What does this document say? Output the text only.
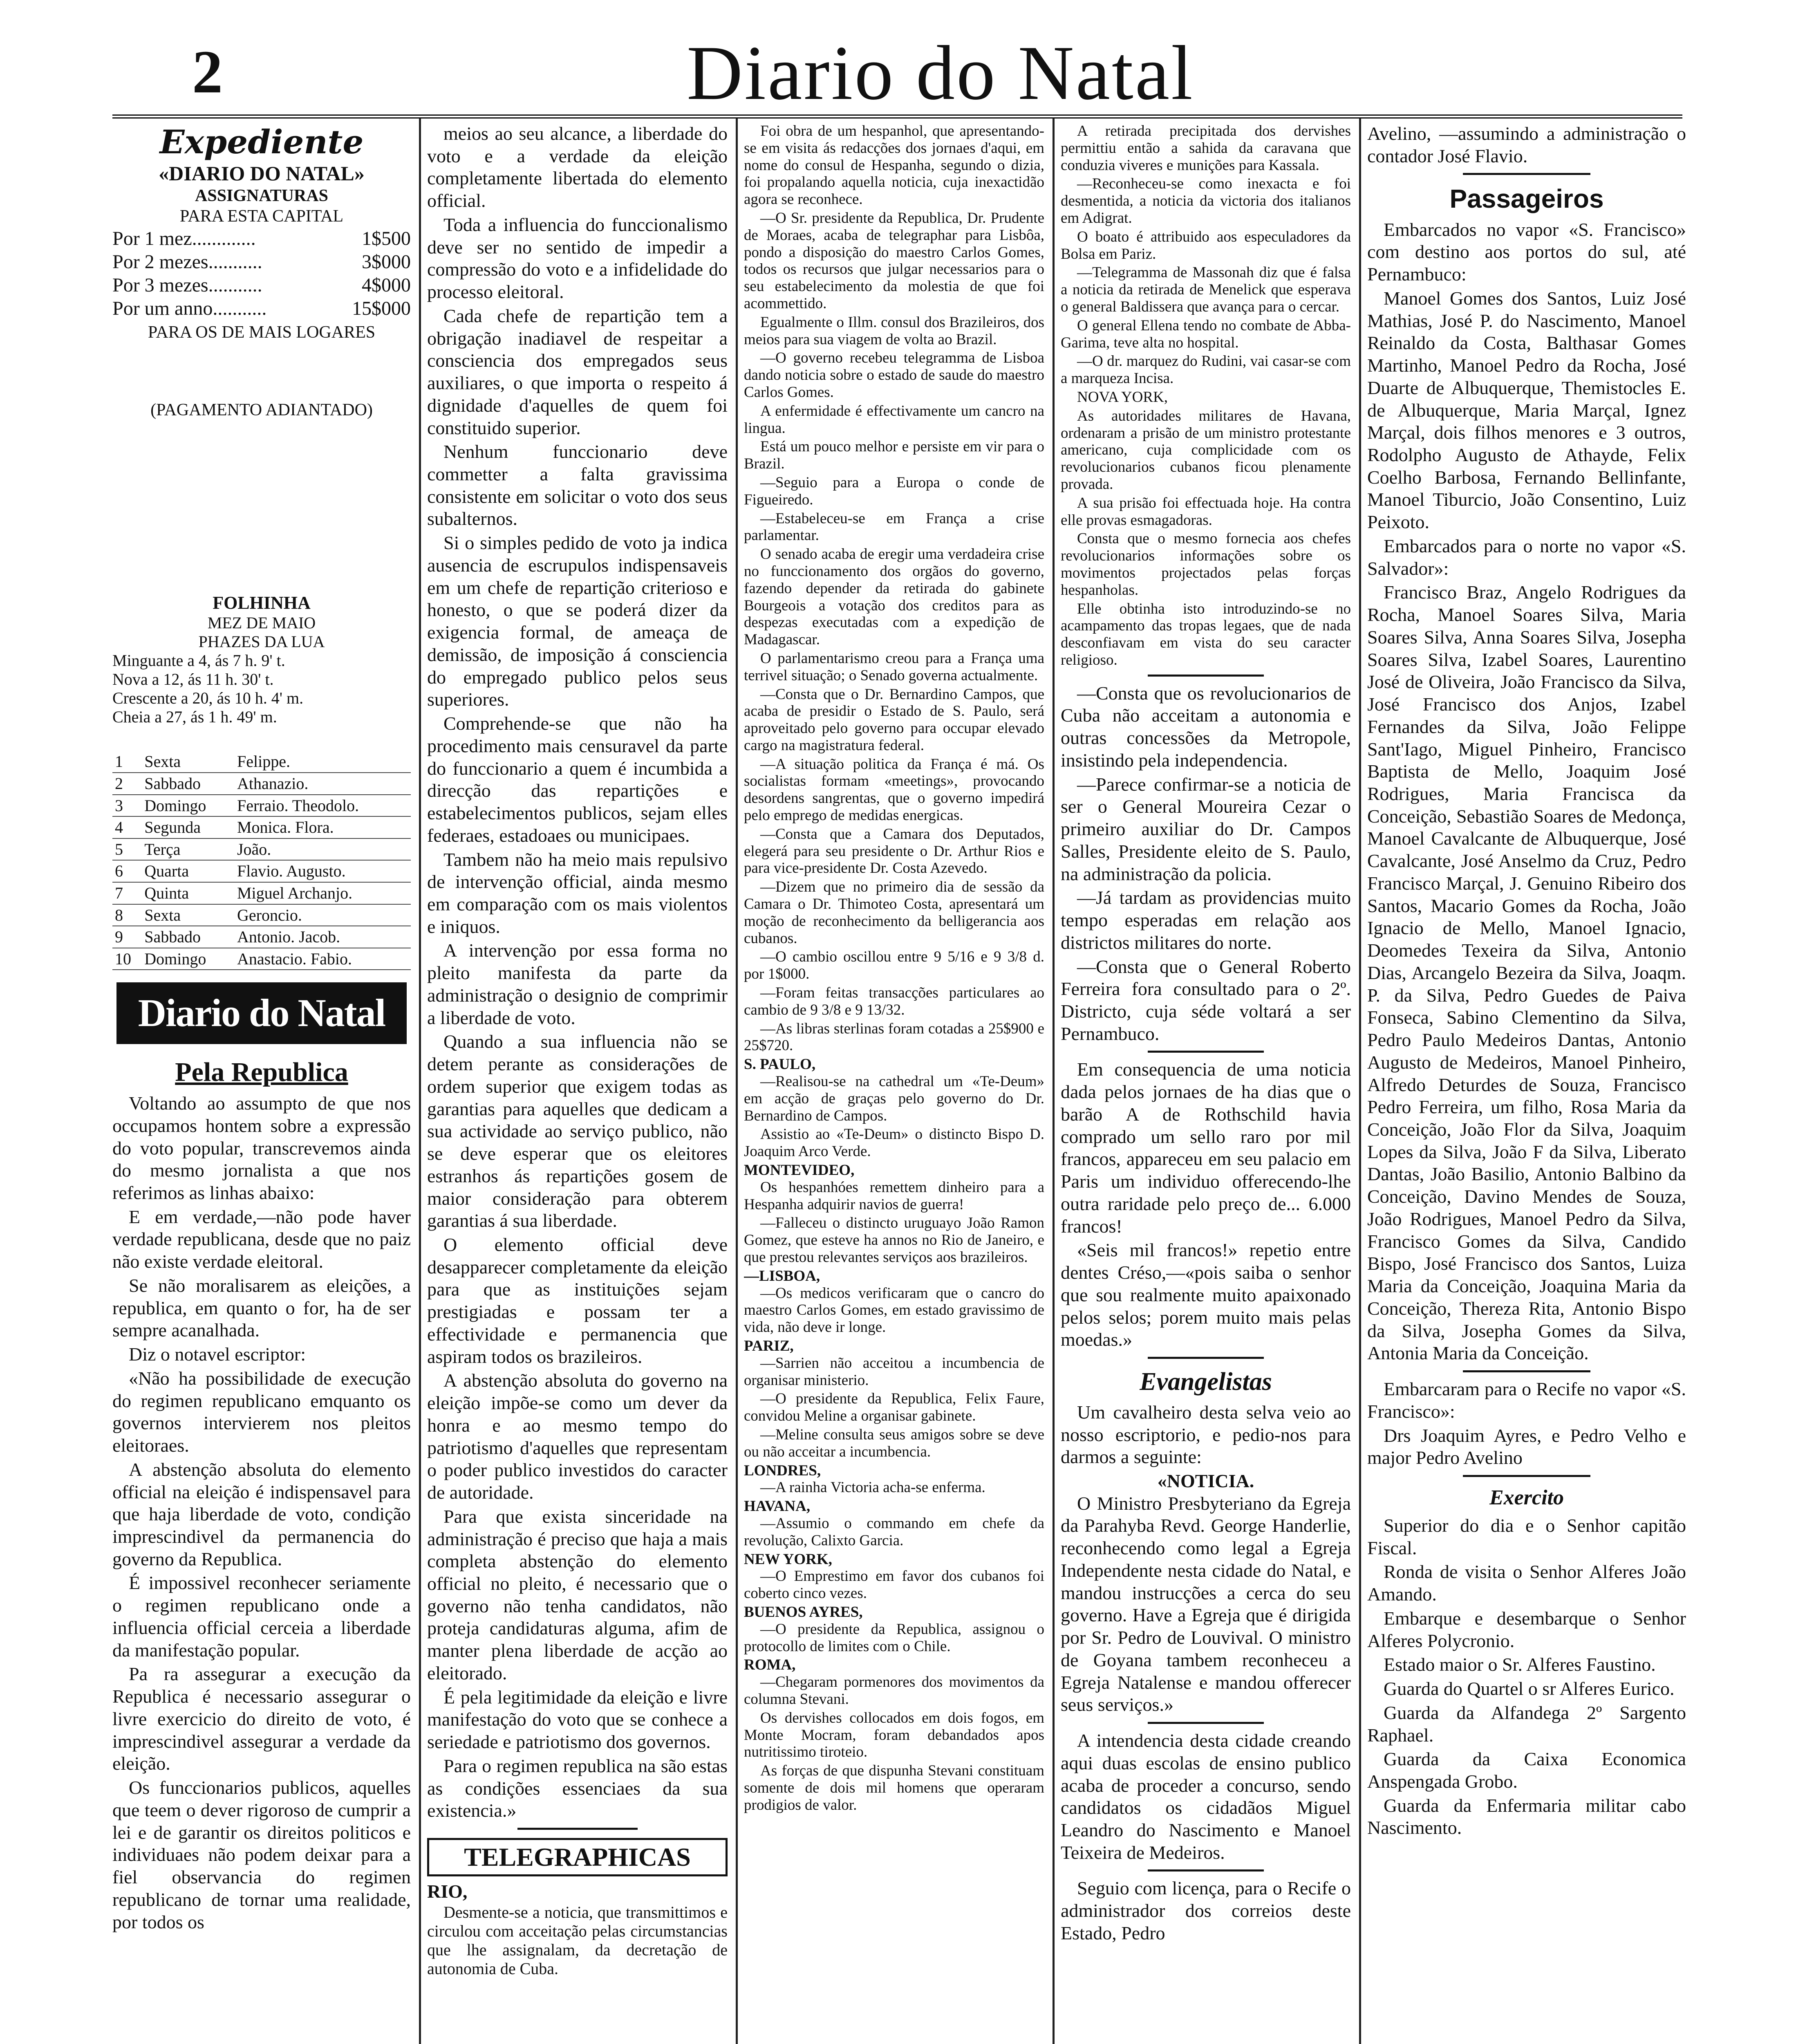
2	Diario do Natal
Expediente
«DIARIO DO NATAL»
ASSIGNATURAS
PARA ESTA CAPITAL
Por 1 mez.............	1$500
Por 2 mezes...........	3$000
Por 3 mezes...........	4$000
Por um anno...........	15$000
PARA OS DE MAIS LOGARES
(PAGAMENTO ADIANTADO)
FOLHINHA
MEZ DE MAIO
PHAZES DA LUA
Minguante a 4, ás 7 h. 9' t.
Nova a 12, ás 11 h. 30' t.
Crescente a 20, ás 10 h. 4' m.
Cheia a 27, ás 1 h. 49' m.
1	Sexta	Felippe.
2	Sabbado	Athanazio.
3	Domingo	Ferraio. Theodolo.
4	Segunda	Monica. Flora.
5	Terça	João.
6	Quarta	Flavio. Augusto.
7	Quinta	Miguel Archanjo.
8	Sexta	Geroncio.
9	Sabbado	Antonio. Jacob.
10	Domingo	Anastacio. Fabio.
Diario do Natal
Pela Republica

Voltando ao assumpto de que nos occupamos hontem sobre a expressão do voto popular, transcrevemos ainda do mesmo jornalista a que nos referimos as linhas abaixo:

E em verdade,—não pode haver verdade republicana, desde que no paiz não existe verdade eleitoral.

Se não moralisarem as eleições, a republica, em quanto o for, ha de ser sempre acanalhada.

Diz o notavel escriptor:

«Não ha possibilidade de execução do regimen republicano emquanto os governos intervierem nos pleitos eleitoraes.

A abstenção absoluta do elemento official na eleição é indispensavel para que haja liberdade de voto, condição imprescindivel da permanencia do governo da Republica.

É impossivel reconhecer seriamente o regimen republicano onde a influencia official cerceia a liberdade da manifestação popular.

Pa ra assegurar a execução da Republica é necessario assegurar o livre exercicio do direito de voto, é imprescindivel assegurar a verdade da eleição.

Os funccionarios publicos, aquelles que teem o dever rigoroso de cumprir a lei e de garantir os direitos politicos e individuaes não podem deixar para a fiel observancia do regimen republicano de tornar uma realidade, por todos os

meios ao seu alcance, a liberdade do voto e a verdade da eleição completamente libertada do elemento official.

Toda a influencia do funccionalismo deve ser no sentido de impedir a compressão do voto e a infidelidade do processo eleitoral.

Cada chefe de repartição tem a obrigação inadiavel de respeitar a consciencia dos empregados seus auxiliares, o que importa o respeito á dignidade d'aquelles de quem foi constituido superior.

Nenhum funccionario deve commetter a falta gravissima consistente em solicitar o voto dos seus subalternos.

Si o simples pedido de voto ja indica ausencia de escrupulos indispensaveis em um chefe de repartição criterioso e honesto, o que se poderá dizer da exigencia formal, de ameaça de demissão, de imposição á consciencia do empregado publico pelos seus superiores.

Comprehende-se que não ha procedimento mais censuravel da parte do funccionario a quem é incumbida a direcção das repartições e estabelecimentos publicos, sejam elles federaes, estadoaes ou municipaes.

Tambem não ha meio mais repulsivo de intervenção official, ainda mesmo em comparação com os mais violentos e iniquos.

A intervenção por essa forma no pleito manifesta da parte da administração o designio de comprimir a liberdade de voto.

Quando a sua influencia não se detem perante as considerações de ordem superior que exigem todas as garantias para aquelles que dedicam a sua actividade ao serviço publico, não se deve esperar que os eleitores estranhos ás repartições gosem de maior consideração para obterem garantias á sua liberdade.

O elemento official deve desapparecer completamente da eleição para que as instituições sejam prestigiadas e possam ter a effectividade e permanencia que aspiram todos os brazileiros.

A abstenção absoluta do governo na eleição impõe-se como um dever da honra e ao mesmo tempo do patriotismo d'aquelles que representam o poder publico investidos do caracter de autoridade.

Para que exista sinceridade na administração é preciso que haja a mais completa abstenção do elemento official no pleito, é necessario que o governo não tenha candidatos, não proteja candidaturas alguma, afim de manter plena liberdade de acção ao eleitorado.

É pela legitimidade da eleição e livre manifestação do voto que se conhece a seriedade e patriotismo dos governos.

Para o regimen republica na são estas as condições essenciaes da sua existencia.»

TELEGRAPHICAS
RIO,

Desmente-se a noticia, que transmittimos e circulou com acceitação pelas circumstancias que lhe assignalam, da decretação de autonomia de Cuba.

Foi obra de um hespanhol, que apresentando-se em visita ás redacções dos jornaes d'aqui, em nome do consul de Hespanha, segundo o dizia, foi propalando aquella noticia, cuja inexactidão agora se reconhece.

—O Sr. presidente da Republica, Dr. Prudente de Moraes, acaba de telegraphar para Lisbôa, pondo a disposição do maestro Carlos Gomes, todos os recursos que julgar necessarios para o seu estabelecimento da molestia de que foi acommettido.

Egualmente o Illm. consul dos Brazileiros, dos meios para sua viagem de volta ao Brazil.

—O governo recebeu telegramma de Lisboa dando noticia sobre o estado de saude do maestro Carlos Gomes.

A enfermidade é effectivamente um cancro na lingua.

Está um pouco melhor e persiste em vir para o Brazil.

—Seguio para a Europa o conde de Figueiredo.

—Estabeleceu-se em França a crise parlamentar.

O senado acaba de eregir uma verdadeira crise no funccionamento dos orgãos do governo, fazendo depender da retirada do gabinete Bourgeois a votação dos creditos para as despezas executadas com a expedição de Madagascar.

O parlamentarismo creou para a França uma terrivel situação; o Senado governa actualmente.

—Consta que o Dr. Bernardino Campos, que acaba de presidir o Estado de S. Paulo, será aproveitado pelo governo para occupar elevado cargo na magistratura federal.

—A situação politica da França é má. Os socialistas formam «meetings», provocando desordens sangrentas, que o governo impedirá pelo emprego de medidas energicas.

—Consta que a Camara dos Deputados, elegerá para seu presidente o Dr. Arthur Rios e para vice-presidente Dr. Costa Azevedo.

—Dizem que no primeiro dia de sessão da Camara o Dr. Thimoteo Costa, apresentará um moção de reconhecimento da belligerancia aos cubanos.

—O cambio oscillou entre 9 5/16 e 9 3/8 d. por 1$000.

—Foram feitas transacções particulares ao cambio de 9 3/8 e 9 13/32.

—As libras sterlinas foram cotadas a 25$900 e 25$720.

S. PAULO,

—Realisou-se na cathedral um «Te-Deum» em acção de graças pelo governo do Dr. Bernardino de Campos.

Assistio ao «Te-Deum» o distincto Bispo D. Joaquim Arco Verde.

MONTEVIDEO,

Os hespanhóes remettem dinheiro para a Hespanha adquirir navios de guerra!

—Falleceu o distincto uruguayo João Ramon Gomez, que esteve ha annos no Rio de Janeiro, e que prestou relevantes serviços aos brazileiros.

—LISBOA,

—Os medicos verificaram que o cancro do maestro Carlos Gomes, em estado gravissimo de vida, não deve ir longe.

PARIZ,

—Sarrien não acceitou a incumbencia de organisar ministerio.

—O presidente da Republica, Felix Faure, convidou Meline a organisar gabinete.

—Meline consulta seus amigos sobre se deve ou não acceitar a incumbencia.

LONDRES,

—A rainha Victoria acha-se enferma.

HAVANA,

—Assumio o commando em chefe da revolução, Calixto Garcia.

NEW YORK,

—O Emprestimo em favor dos cubanos foi coberto cinco vezes.

BUENOS AYRES,

—O presidente da Republica, assignou o protocollo de limites com o Chile.

ROMA,

—Chegaram pormenores dos movimentos da columna Stevani.

Os dervishes collocados em dois fogos, em Monte Mocram, foram debandados apos nutritissimo tiroteio.

As forças de que dispunha Stevani constituam somente de dois mil homens que operaram prodigios de valor.

A retirada precipitada dos dervishes permittiu então a sahida da caravana que conduzia viveres e munições para Kassala.

—Reconheceu-se como inexacta e foi desmentida, a noticia da victoria dos italianos em Adigrat.

O boato é attribuido aos especuladores da Bolsa em Pariz.

—Telegramma de Massonah diz que é falsa a noticia da retirada de Menelick que esperava o general Baldissera que avança para o cercar.

O general Ellena tendo no combate de Abba-Garima, teve alta no hospital.

—O dr. marquez do Rudini, vai casar-se com a marqueza Incisa.

NOVA YORK,

As autoridades militares de Havana, ordenaram a prisão de um ministro protestante americano, cuja complicidade com os revolucionarios cubanos ficou plenamente provada.

A sua prisão foi effectuada hoje. Ha contra elle provas esmagadoras.

Consta que o mesmo fornecia aos chefes revolucionarios informações sobre os movimentos projectados pelas forças hespanholas.

Elle obtinha isto introduzindo-se no acampamento das tropas legaes, que de nada desconfiavam em vista do seu caracter religioso.

—Consta que os revolucionarios de Cuba não acceitam a autonomia e outras concessões da Metropole, insistindo pela independencia.

—Parece confirmar-se a noticia de ser o General Moureira Cezar o primeiro auxiliar do Dr. Campos Salles, Presidente eleito de S. Paulo, na administração da policia.

—Já tardam as providencias muito tempo esperadas em relação aos districtos militares do norte.

—Consta que o General Roberto Ferreira fora consultado para o 2º. Districto, cuja séde voltará a ser Pernambuco.

Em consequencia de uma noticia dada pelos jornaes de ha dias que o barão A de Rothschild havia comprado um sello raro por mil francos, appareceu em seu palacio em Paris um individuo offerecendo-lhe outra raridade pelo preço de... 6.000 francos!

«Seis mil francos!» repetio entre dentes Créso,—«pois saiba o senhor que sou realmente muito apaixonado pelos selos; porem muito mais pelas moedas.»

Evangelistas

Um cavalheiro desta selva veio ao nosso escriptorio, e pedio-nos para darmos a seguinte:

«NOTICIA.

O Ministro Presbyteriano da Egreja da Parahyba Revd. George Handerlie, reconhecendo como legal a Egreja Independente nesta cidade do Natal, e mandou instrucções a cerca do seu governo. Have a Egreja que é dirigida por Sr. Pedro de Louvival. O ministro de Goyana tambem reconheceu a Egreja Natalense e mandou offerecer seus serviços.»

A intendencia desta cidade creando aqui duas escolas de ensino publico acaba de proceder a concurso, sendo candidatos os cidadãos Miguel Leandro do Nascimento e Manoel Teixeira de Medeiros.

Seguio com licença, para o Recife o administrador dos correios deste Estado, Pedro

Avelino, —assumindo a administração o contador José Flavio.

Passageiros

Embarcados no vapor «S. Francisco» com destino aos portos do sul, até Pernambuco:

Manoel Gomes dos Santos, Luiz José Mathias, José P. do Nascimento, Manoel Reinaldo da Costa, Balthasar Gomes Martinho, Manoel Pedro da Rocha, José Duarte de Albuquerque, Themistocles E. de Albuquerque, Maria Marçal, Ignez Marçal, dois filhos menores e 3 outros, Rodolpho Augusto de Athayde, Felix Coelho Barbosa, Fernando Bellinfante, Manoel Tiburcio, João Consentino, Luiz Peixoto.

Embarcados para o norte no vapor «S. Salvador»:

Francisco Braz, Angelo Rodrigues da Rocha, Manoel Soares Silva, Maria Soares Silva, Anna Soares Silva, Josepha Soares Silva, Izabel Soares, Laurentino José de Oliveira, João Francisco da Silva, José Francisco dos Anjos, Izabel Fernandes da Silva, João Felippe Sant'Iago, Miguel Pinheiro, Francisco Baptista de Mello, Joaquim José Rodrigues, Maria Francisca da Conceição, Sebastião Soares de Medonça, Manoel Cavalcante de Albuquerque, José Cavalcante, José Anselmo da Cruz, Pedro Francisco Marçal, J. Genuino Ribeiro dos Santos, Macario Gomes da Rocha, João Ignacio de Mello, Manoel Ignacio, Deomedes Texeira da Silva, Antonio Dias, Arcangelo Bezeira da Silva, Joaqm. P. da Silva, Pedro Guedes de Paiva Fonseca, Sabino Clementino da Silva, Pedro Paulo Medeiros Dantas, Antonio Augusto de Medeiros, Manoel Pinheiro, Alfredo Deturdes de Souza, Francisco Pedro Ferreira, um filho, Rosa Maria da Conceição, João Flor da Silva, Joaquim Lopes da Silva, João F da Silva, Liberato Dantas, João Basilio, Antonio Balbino da Conceição, Davino Mendes de Souza, João Rodrigues, Manoel Pedro da Silva, Francisco Gomes da Silva, Candido Bispo, José Francisco dos Santos, Luiza Maria da Conceição, Joaquina Maria da Conceição, Thereza Rita, Antonio Bispo da Silva, Josepha Gomes da Silva, Antonia Maria da Conceição.

Embarcaram para o Recife no vapor «S. Francisco»:

Drs Joaquim Ayres, e Pedro Velho e major Pedro Avelino

Exercito

Superior do dia e o Senhor capitão Fiscal.

Ronda de visita o Senhor Alferes João Amando.

Embarque e desembarque o Senhor Alferes Polycronio.

Estado maior o Sr. Alferes Faustino.

Guarda do Quartel o sr Alferes Eurico.

Guarda da Alfandega 2º Sargento Raphael.

Guarda da Caixa Economica Anspengada Grobo.

Guarda da Enfermaria militar cabo Nascimento.
